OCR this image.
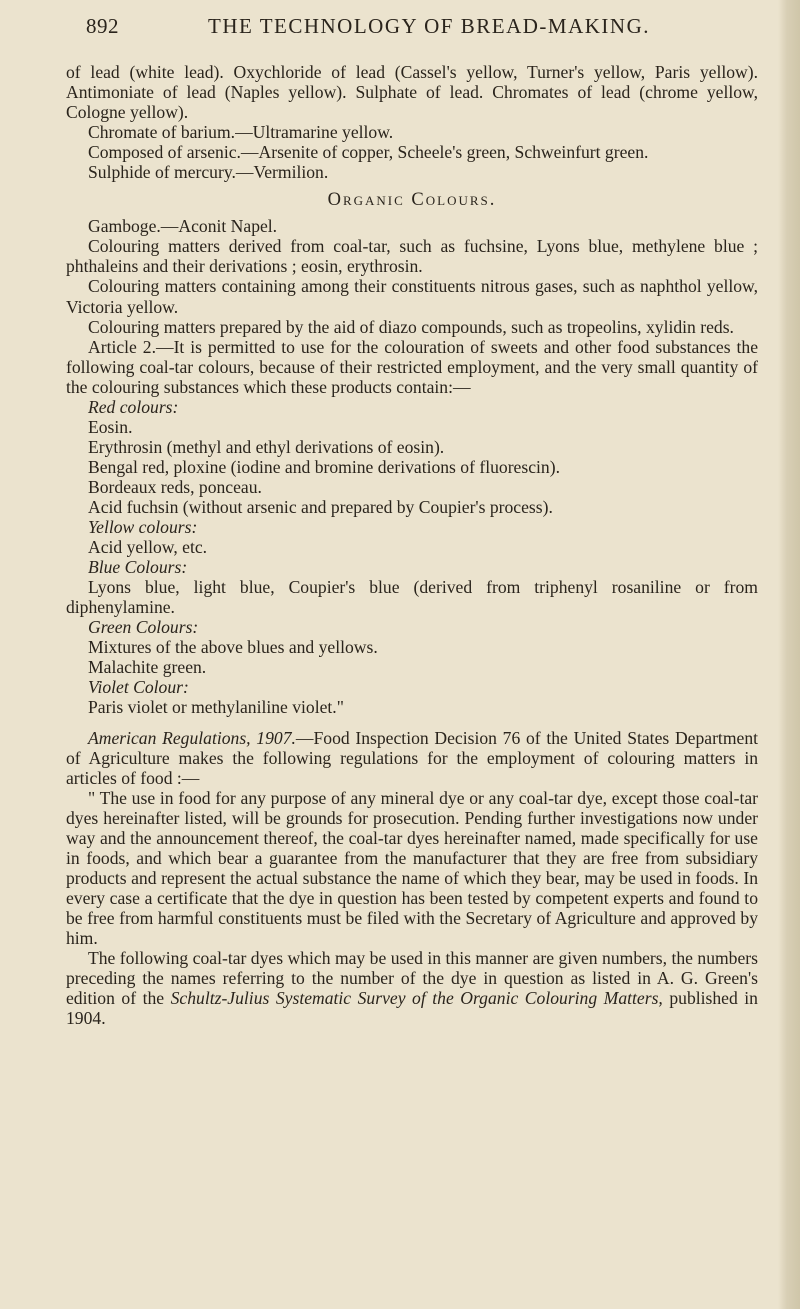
892	THE TECHNOLOGY OF BREAD-MAKING.

of lead (white lead). Oxychloride of lead (Cassel's yellow, Turner's yellow, Paris yellow). Antimoniate of lead (Naples yellow). Sulphate of lead. Chromates of lead (chrome yellow, Cologne yellow).

Chromate of barium.—Ultramarine yellow.

Composed of arsenic.—Arsenite of copper, Scheele's green, Schweinfurt green.

Sulphide of mercury.—Vermilion.

Organic Colours.

Gamboge.—Aconit Napel.

Colouring matters derived from coal-tar, such as fuchsine, Lyons blue, methylene blue ; phthaleins and their derivations ; eosin, erythrosin.

Colouring matters containing among their constituents nitrous gases, such as naphthol yellow, Victoria yellow.

Colouring matters prepared by the aid of diazo compounds, such as tropeolins, xylidin reds.

Article 2.—It is permitted to use for the colouration of sweets and other food substances the following coal-tar colours, because of their restricted employment, and the very small quantity of the colouring substances which these products contain:—

Red colours:

Eosin.

Erythrosin (methyl and ethyl derivations of eosin).

Bengal red, ploxine (iodine and bromine derivations of fluorescin).

Bordeaux reds, ponceau.

Acid fuchsin (without arsenic and prepared by Coupier's process).

Yellow colours:

Acid yellow, etc.

Blue Colours:

Lyons blue, light blue, Coupier's blue (derived from triphenyl rosaniline or from diphenylamine.

Green Colours:

Mixtures of the above blues and yellows.

Malachite green.

Violet Colour:

Paris violet or methylaniline violet."

American Regulations, 1907.—Food Inspection Decision 76 of the United States Department of Agriculture makes the following regulations for the employment of colouring matters in articles of food :—

" The use in food for any purpose of any mineral dye or any coal-tar dye, except those coal-tar dyes hereinafter listed, will be grounds for prosecution. Pending further investigations now under way and the announcement thereof, the coal-tar dyes hereinafter named, made specifically for use in foods, and which bear a guarantee from the manufacturer that they are free from subsidiary products and represent the actual substance the name of which they bear, may be used in foods. In every case a certificate that the dye in question has been tested by competent experts and found to be free from harmful constituents must be filed with the Secretary of Agriculture and approved by him.

The following coal-tar dyes which may be used in this manner are given numbers, the numbers preceding the names referring to the number of the dye in question as listed in A. G. Green's edition of the Schultz-Julius Systematic Survey of the Organic Colouring Matters, published in 1904.
